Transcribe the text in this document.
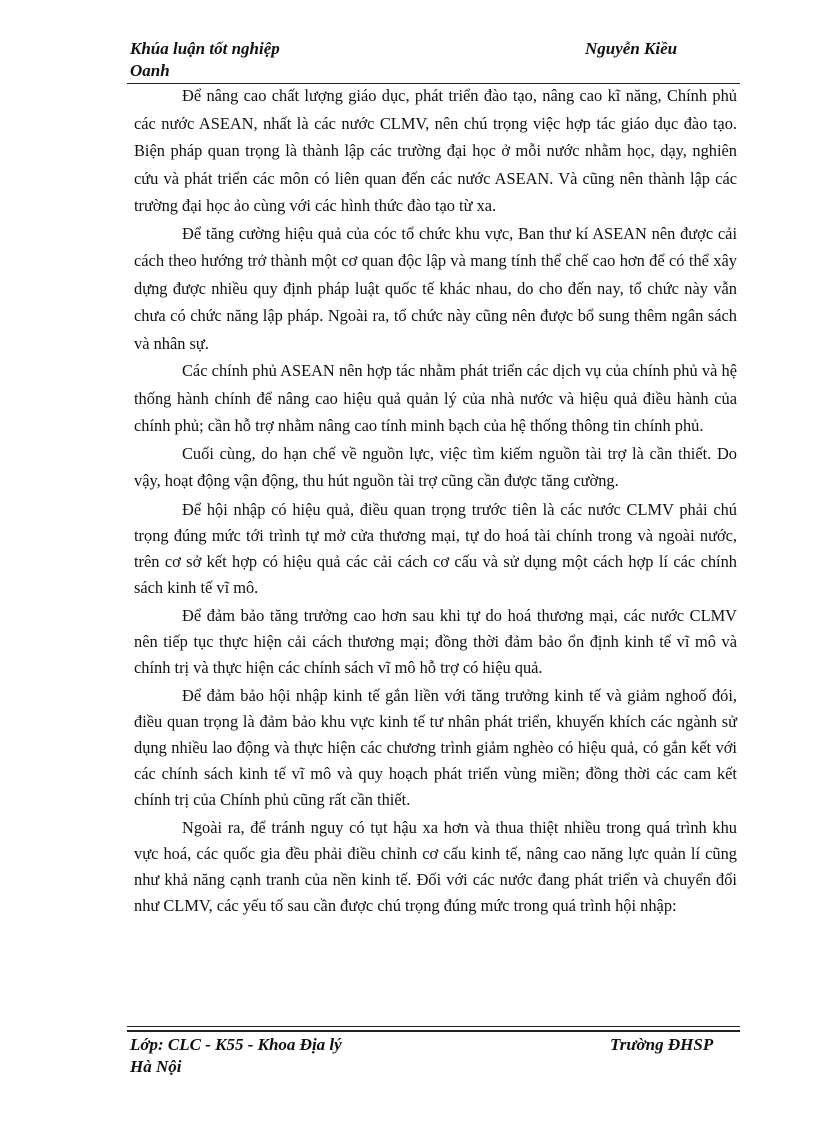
Khúa luận tốt nghiệp
Oanh
Nguyễn Kiều

Để nâng cao chất lượng giáo dục, phát triển đào tạo, nâng cao kĩ năng, Chính phủ các nước ASEAN, nhất là các nước CLMV, nên chú trọng việc hợp tác giáo dục đào tạo. Biện pháp quan trọng là thành lập các trường đại học ở mỗi nước nhằm học, dạy, nghiên cứu và phát triển các môn có liên quan đến các nước ASEAN. Và cũng nên thành lập các trường đại học ảo cùng với các hình thức đào tạo từ xa.

Để tăng cường hiệu quả của cóc tổ chức khu vực, Ban thư kí ASEAN nên được cải cách theo hướng trở thành một cơ quan độc lập và mang tính thể chế cao hơn để có thể xây dựng được nhiều quy định pháp luật quốc tế khác nhau, do cho đến nay, tổ chức này vẫn chưa có chức năng lập pháp. Ngoài ra, tổ chức này cũng nên được bổ sung thêm ngân sách và nhân sự.

Các chính phủ ASEAN nên hợp tác nhằm phát triển các dịch vụ của chính phủ và hệ thống hành chính để nâng cao hiệu quả quản lý của nhà nước và hiệu quả điều hành của chính phủ; cần hỗ trợ nhằm nâng cao tính minh bạch của hệ thống thông tin chính phủ.

Cuối cùng, do hạn chế về nguồn lực, việc tìm kiếm nguồn tài trợ là cần thiết. Do vậy, hoạt động vận động, thu hút nguồn tài trợ cũng cần được tăng cường.

Để hội nhập có hiệu quả, điều quan trọng trước tiên là các nước CLMV phải chú trọng đúng mức tới trình tự mở cửa thương mại, tự do hoá tài chính trong và ngoài nước, trên cơ sở kết hợp có hiệu quả các cải cách cơ cấu và sử dụng một cách hợp lí các chính sách kinh tế vĩ mô.

Để đảm bảo tăng trưởng cao hơn sau khi tự do hoá thương mại, các nước CLMV nên tiếp tục thực hiện cải cách thương mại; đồng thời đảm bảo ổn định kinh tế vĩ mô và chính trị và thực hiện các chính sách vĩ mô hỗ trợ có hiệu quả.

Để đảm bảo hội nhập kinh tế gắn liền với tăng trưởng kinh tế và giảm nghoố đói, điều quan trọng là đảm bảo khu vực kinh tế tư nhân phát triển, khuyến khích các ngành sử dụng nhiều lao động và thực hiện các chương trình giảm nghèo có hiệu quả, có gắn kết với các chính sách kinh tế vĩ mô và quy hoạch phát triển vùng miền; đồng thời các cam kết chính trị của Chính phủ cũng rất cần thiết.

Ngoài ra, để tránh nguy có tụt hậu xa hơn và thua thiệt nhiều trong quá trình khu vực hoá, các quốc gia đều phải điều chỉnh cơ cấu kinh tế, nâng cao năng lực quản lí cũng như khả năng cạnh tranh của nền kinh tế. Đối với các nước đang phát triển và chuyển đổi như CLMV, các yếu tố sau cần được chú trọng đúng mức trong quá trình hội nhập:

Lớp: CLC - K55 - Khoa Địa lý
Hà Nội
Trường ĐHSP
